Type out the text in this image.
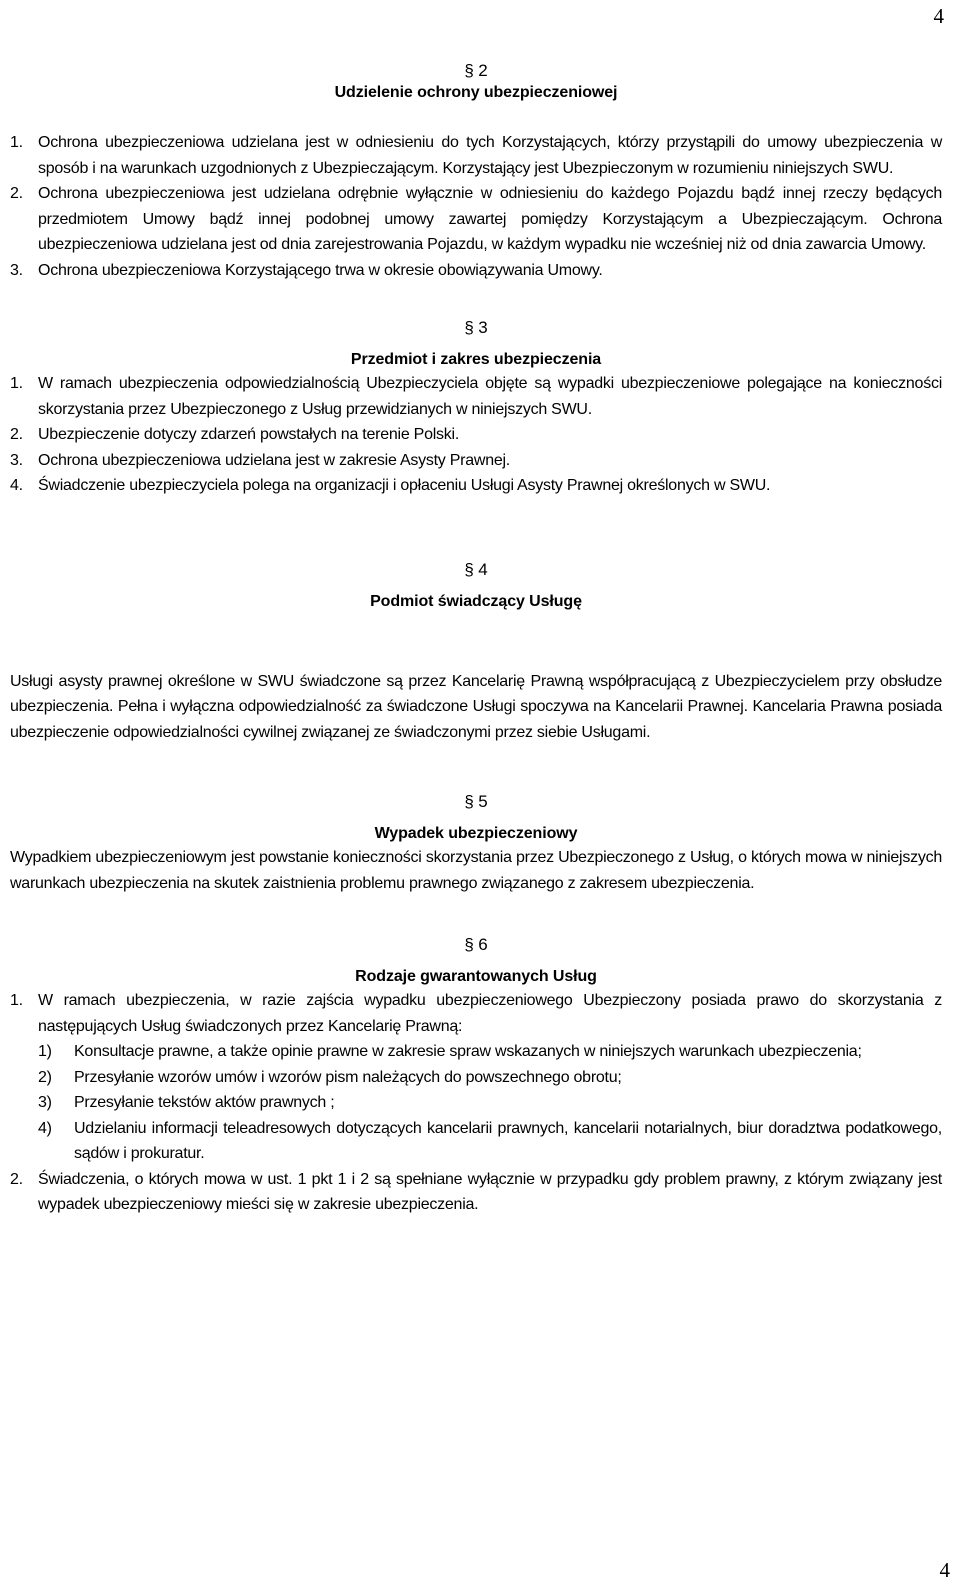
4
§ 2
Udzielenie ochrony ubezpieczeniowej
1. Ochrona ubezpieczeniowa udzielana jest w odniesieniu do tych Korzystających, którzy przystąpili do umowy ubezpieczenia w sposób i na warunkach uzgodnionych z Ubezpieczającym. Korzystający jest Ubezpieczonym w rozumieniu niniejszych SWU.
2. Ochrona ubezpieczeniowa jest udzielana odrębnie wyłącznie w odniesieniu do każdego Pojazdu bądź innej rzeczy będących przedmiotem Umowy bądź innej podobnej umowy zawartej pomiędzy Korzystającym a Ubezpieczającym. Ochrona ubezpieczeniowa udzielana jest od dnia zarejestrowania Pojazdu, w każdym wypadku nie wcześniej niż od dnia zawarcia Umowy.
3. Ochrona ubezpieczeniowa Korzystającego trwa w okresie obowiązywania Umowy.
§ 3
Przedmiot i zakres ubezpieczenia
1. W ramach ubezpieczenia odpowiedzialnością Ubezpieczyciela objęte są wypadki ubezpieczeniowe polegające na konieczności skorzystania przez Ubezpieczonego z Usług przewidzianych w niniejszych SWU.
2. Ubezpieczenie dotyczy zdarzeń powstałych na terenie Polski.
3. Ochrona ubezpieczeniowa udzielana jest w zakresie Asysty Prawnej.
4. Świadczenie ubezpieczyciela polega na organizacji i opłaceniu Usługi Asysty Prawnej określonych w SWU.
§ 4
Podmiot świadczący Usługę

Usługi asysty prawnej określone w SWU świadczone są przez Kancelarię Prawną współpracującą z Ubezpieczycielem przy obsłudze ubezpieczenia. Pełna i wyłączna odpowiedzialność za świadczone Usługi spoczywa na Kancelarii Prawnej. Kancelaria Prawna posiada ubezpieczenie odpowiedzialności cywilnej związanej ze świadczonymi przez siebie Usługami.

§ 5
Wypadek ubezpieczeniowy

Wypadkiem ubezpieczeniowym jest powstanie konieczności skorzystania przez Ubezpieczonego z Usług, o których mowa w niniejszych warunkach ubezpieczenia na skutek zaistnienia problemu prawnego związanego z zakresem ubezpieczenia.

§ 6
Rodzaje gwarantowanych Usług
1. W ramach ubezpieczenia, w razie zajścia wypadku ubezpieczeniowego Ubezpieczony posiada prawo do skorzystania z następujących Usług świadczonych przez Kancelarię Prawną:
1)	Konsultacje prawne, a także opinie prawne w zakresie spraw wskazanych w niniejszych warunkach ubezpieczenia;
2)	Przesyłanie wzorów umów i wzorów pism należących do powszechnego obrotu;
3)	Przesyłanie tekstów aktów prawnych ;
4)	Udzielaniu informacji teleadresowych dotyczących kancelarii prawnych, kancelarii notarialnych, biur doradztwa podatkowego, sądów i prokuratur.
2. Świadczenia, o których mowa w ust. 1 pkt 1 i 2 są spełniane wyłącznie w przypadku gdy problem prawny, z którym związany jest wypadek ubezpieczeniowy mieści się w zakresie ubezpieczenia.
4
